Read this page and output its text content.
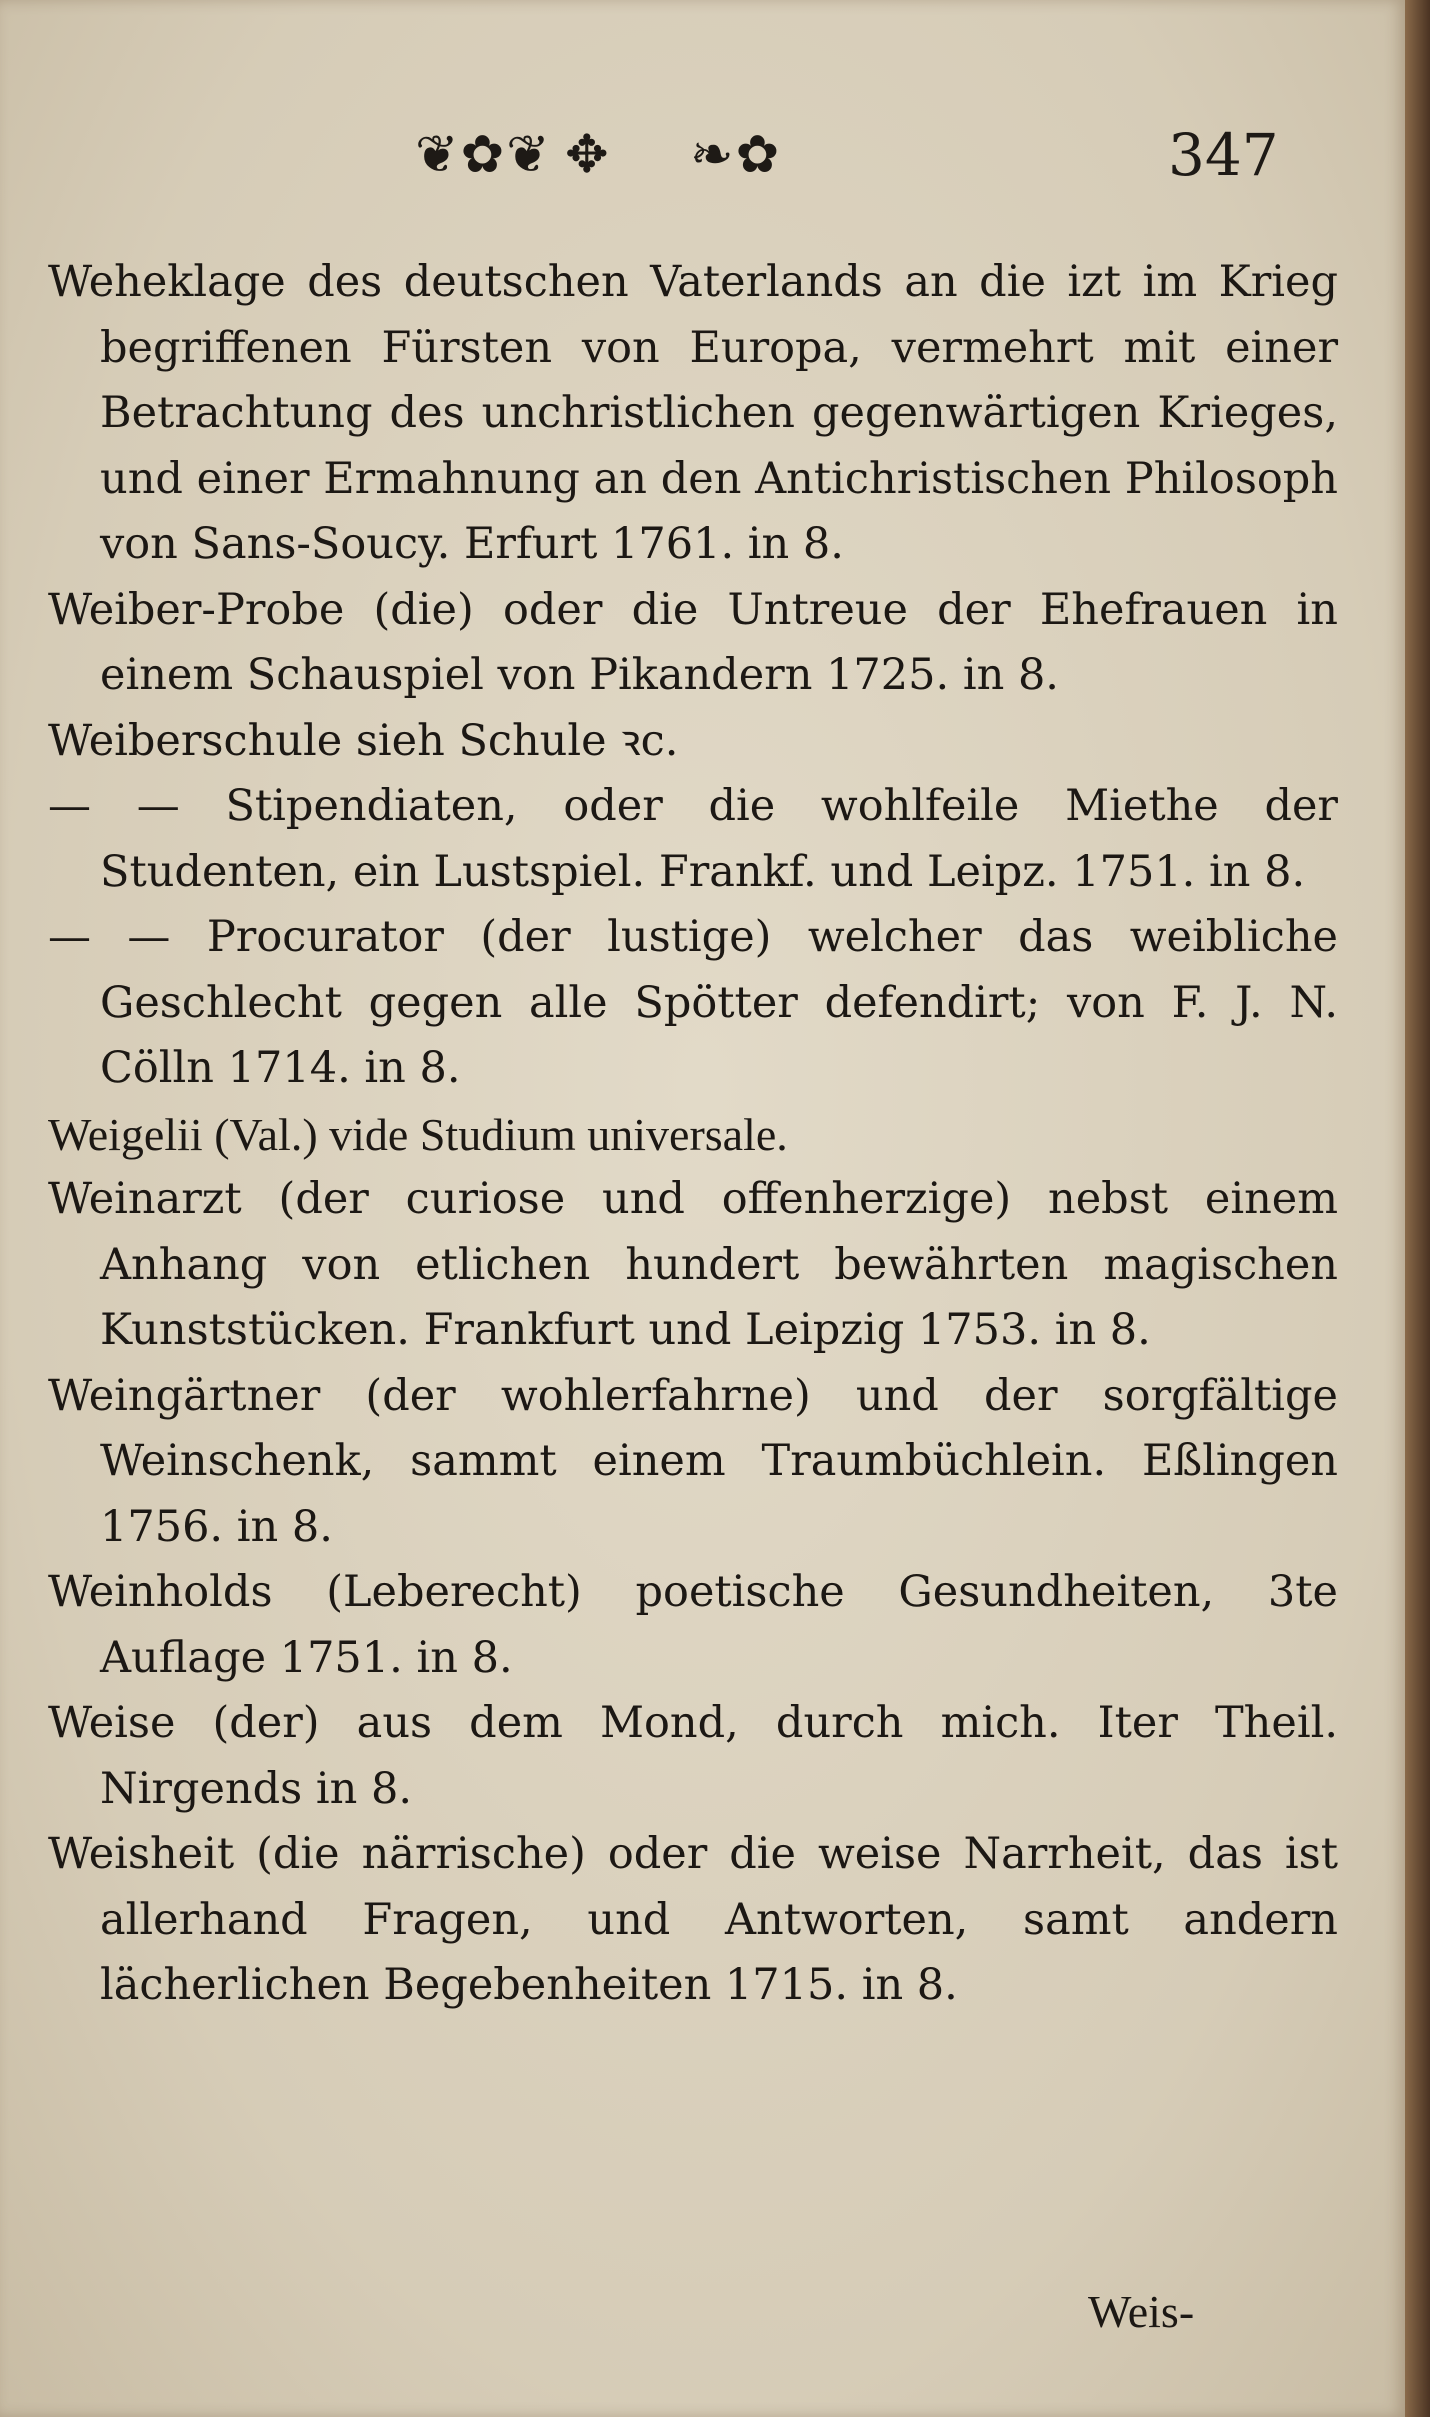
❦✿❦ ✥ ❧✿	347
Weheklage des deutschen Vaterlands an die izt im Krieg begriffenen Fürsten von Europa, vermehrt mit einer Betrachtung des unchristlichen gegenwärtigen Krieges, und einer Ermahnung an den Antichristischen Philosoph von Sans-Soucy. Erfurt 1761. in 8.
Weiber-Probe (die) oder die Untreue der Ehefrauen in einem Schauspiel von Pikandern 1725. in 8.
Weiberschule sieh Schule ꝛc.
— — Stipendiaten, oder die wohlfeile Miethe der Studenten, ein Lustspiel. Frankf. und Leipz. 1751. in 8.
— — Procurator (der lustige) welcher das weibliche Geschlecht gegen alle Spötter defendirt; von F. J. N. Cölln 1714. in 8.
Weigelii (Val.) vide Studium universale.
Weinarzt (der curiose und offenherzige) nebst einem Anhang von etlichen hundert bewährten magischen Kunststücken. Frankfurt und Leipzig 1753. in 8.
Weingärtner (der wohlerfahrne) und der sorgfältige Weinschenk, sammt einem Traumbüchlein. Eßlingen 1756. in 8.
Weinholds (Leberecht) poetische Gesundheiten, 3te Auflage 1751. in 8.
Weise (der) aus dem Mond, durch mich. Iter Theil. Nirgends in 8.
Weisheit (die närrische) oder die weise Narrheit, das ist allerhand Fragen, und Antworten, samt andern lächerlichen Begebenheiten 1715. in 8.
Weis-
